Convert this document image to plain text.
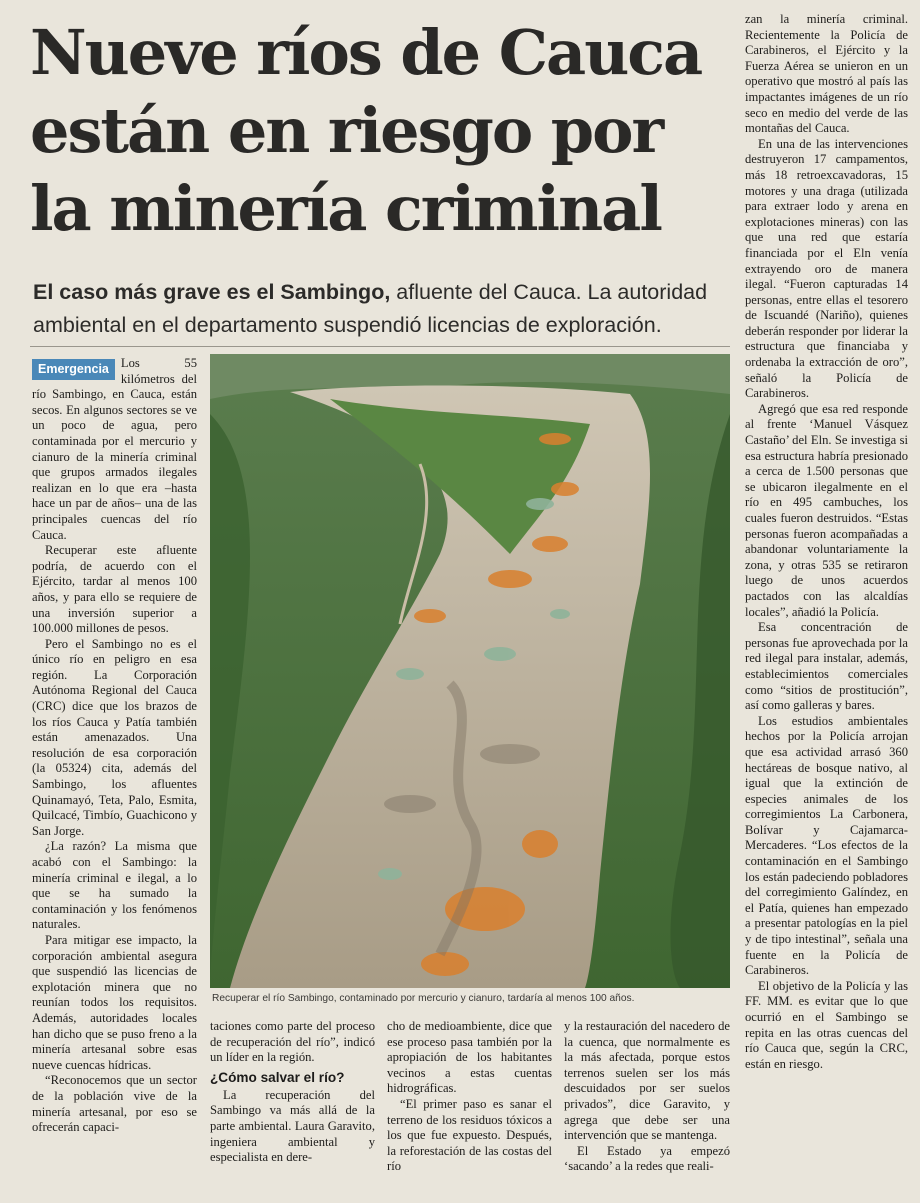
Nueve ríos de Cauca
están en riesgo por
la minería criminal
El caso más grave es el Sambingo, afluente del Cauca. La autoridad ambiental en el departamento suspendió licencias de exploración.

Emergencia Los 55 kilómetros del río Sambingo, en Cauca, están secos. En algunos sectores se ve un poco de agua, pero contaminada por el mercurio y cianuro de la minería criminal que grupos armados ilegales realizan en lo que era –hasta hace un par de años– una de las principales cuencas del río Cauca.

Recuperar este afluente podría, de acuerdo con el Ejército, tardar al menos 100 años, y para ello se requiere de una inversión superior a 100.000 millones de pesos.

Pero el Sambingo no es el único río en peligro en esa región. La Corporación Autónoma Regional del Cauca (CRC) dice que los brazos de los ríos Cauca y Patía también están amenazados. Una resolución de esa corporación (la 05324) cita, además del Sambingo, los afluentes Quinamayó, Teta, Palo, Esmita, Quilcacé, Timbío, Guachicono y San Jorge.

¿La razón? La misma que acabó con el Sambingo: la minería criminal e ilegal, a lo que se ha sumado la contaminación y los fenómenos naturales.

Para mitigar ese impacto, la corporación ambiental asegura que suspendió las licencias de explotación minera que no reunían todos los requisitos. Además, autoridades locales han dicho que se puso freno a la minería artesanal sobre esas nueve cuencas hídricas.

“Reconocemos que un sector de la población vive de la minería artesanal, por eso se ofrecerán capaci-

Recuperar el río Sambingo, contaminado por mercurio y cianuro, tardaría al menos 100 años.

taciones como parte del proceso de recuperación del río”, indicó un líder en la región.

¿Cómo salvar el río?

La recuperación del Sambingo va más allá de la parte ambiental. Laura Garavito, ingeniera ambiental y especialista en dere-

cho de medioambiente, dice que ese proceso pasa también por la apropiación de los habitantes vecinos a estas cuentas hidrográficas.

“El primer paso es sanar el terreno de los residuos tóxicos a los que fue expuesto. Después, la reforestación de las costas del río

y la restauración del nacedero de la cuenca, que normalmente es la más afectada, porque estos terrenos suelen ser los más descuidados por ser suelos privados”, dice Garavito, y agrega que debe ser una intervención que se mantenga.

El Estado ya empezó ‘sacando’ a la redes que reali-

zan la minería criminal. Recientemente la Policía de Carabineros, el Ejército y la Fuerza Aérea se unieron en un operativo que mostró al país las impactantes imágenes de un río seco en medio del verde de las montañas del Cauca.

En una de las intervenciones destruyeron 17 campamentos, más 18 retroexcavadoras, 15 motores y una draga (utilizada para extraer lodo y arena en explotaciones mineras) con las que una red que estaría financiada por el Eln venía extrayendo oro de manera ilegal. “Fueron capturadas 14 personas, entre ellas el tesorero de Iscuandé (Nariño), quienes deberán responder por liderar la estructura que financiaba y ordenaba la extracción de oro”, señaló la Policía de Carabineros.

Agregó que esa red responde al frente ‘Manuel Vásquez Castaño’ del Eln. Se investiga si esa estructura habría presionado a cerca de 1.500 personas que se ubicaron ilegalmente en el río en 495 cambuches, los cuales fueron destruidos. “Estas personas fueron acompañadas a abandonar voluntariamente la zona, y otras 535 se retiraron luego de unos acuerdos pactados con las alcaldías locales”, añadió la Policía.

Esa concentración de personas fue aprovechada por la red ilegal para instalar, además, establecimientos comerciales como “sitios de prostitución”, así como galleras y bares.

Los estudios ambientales hechos por la Policía arrojan que esa actividad arrasó 360 hectáreas de bosque nativo, al igual que la extinción de especies animales de los corregimientos La Carbonera, Bolívar y Cajamarca-Mercaderes. “Los efectos de la contaminación en el Sambingo los están padeciendo pobladores del corregimiento Galíndez, en el Patía, quienes han empezado a presentar patologías en la piel y de tipo intestinal”, señala una fuente en la Policía de Carabineros.

El objetivo de la Policía y las FF. MM. es evitar que lo que ocurrió en el Sambingo se repita en las otras cuencas del río Cauca que, según la CRC, están en riesgo.
